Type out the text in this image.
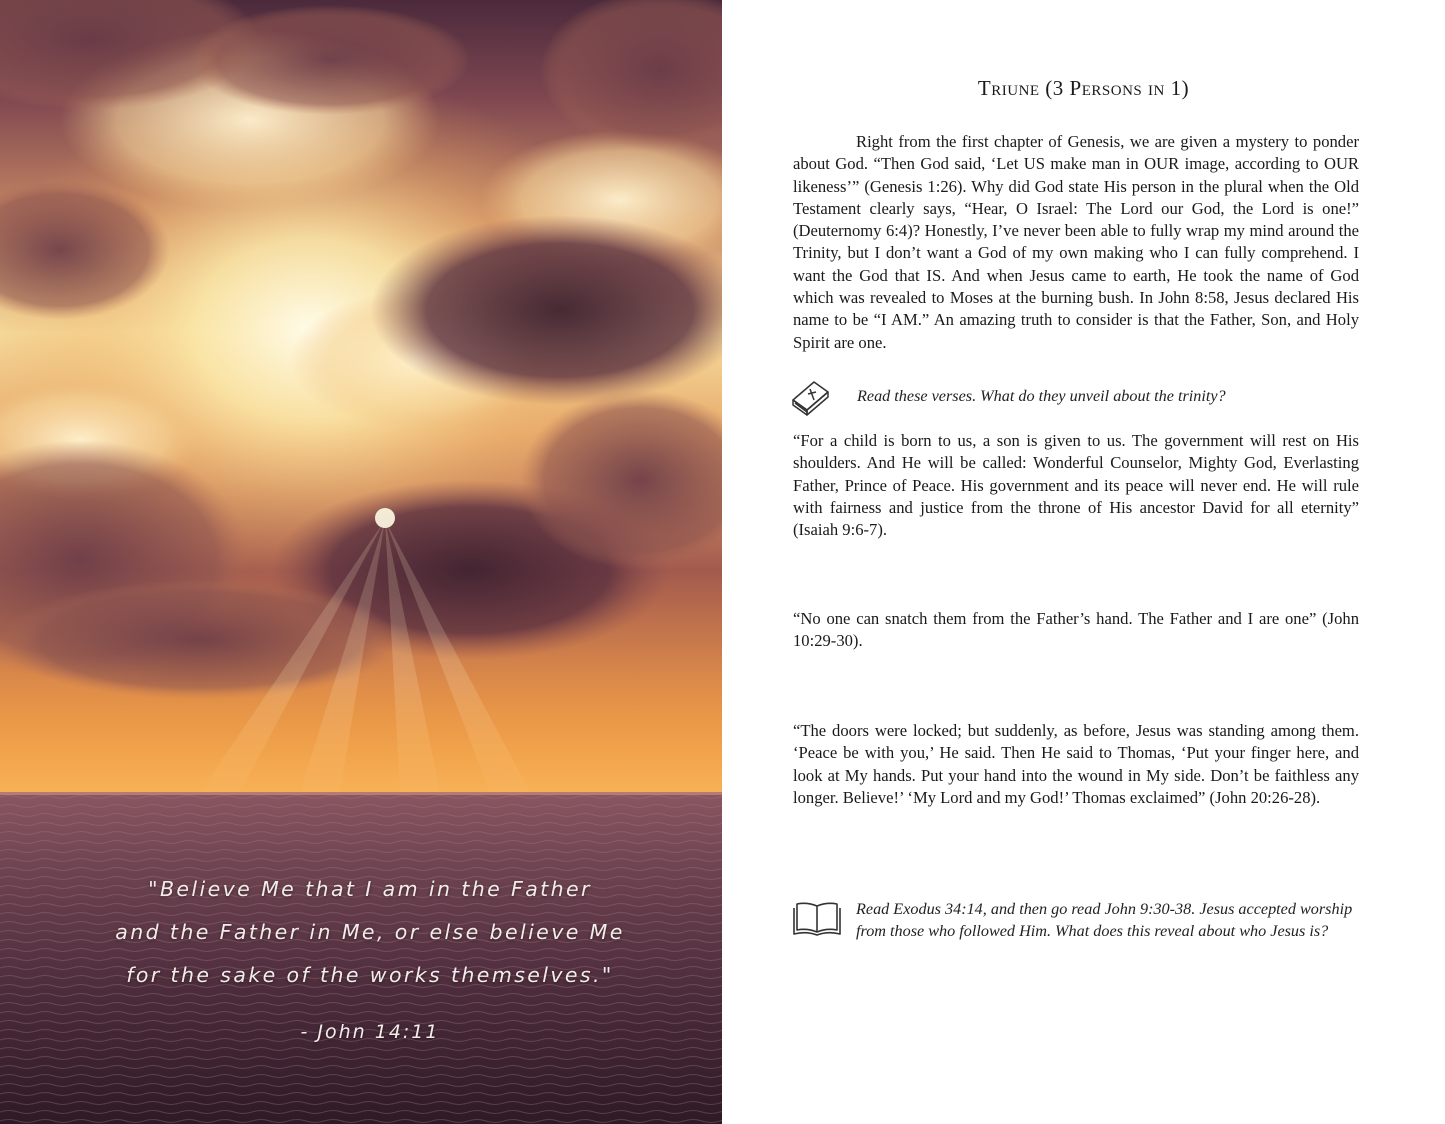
"Believe Me that I am in the Father
and the Father in Me, or else believe Me
for the sake of the works themselves."
- John 14:11
Triune (3 Persons in 1)

Right from the first chapter of Genesis, we are given a mystery to ponder about God. “Then God said, ‘Let US make man in OUR image, according to OUR likeness’” (Genesis 1:26). Why did God state His person in the plural when the Old Testament clearly says, “Hear, O Israel: The Lord our God, the Lord is one!” (Deuternomy 6:4)? Honestly, I’ve never been able to fully wrap my mind around the Trinity, but I don’t want a God of my own making who I can fully comprehend. I want the God that IS. And when Jesus came to earth, He took the name of God which was revealed to Moses at the burning bush. In John 8:58, Jesus declared His name to be “I AM.” An amazing truth to consider is that the Father, Son, and Holy Spirit are one.

Read these verses. What do they unveil about the trinity?

“For a child is born to us, a son is given to us. The government will rest on His shoulders. And He will be called: Wonderful Counselor, Mighty God, Everlasting Father, Prince of Peace. His government and its peace will never end. He will rule with fairness and justice from the throne of His ancestor David for all eternity” (Isaiah 9:6-7).

“No one can snatch them from the Father’s hand. The Father and I are one” (John 10:29-30).

“The doors were locked; but suddenly, as before, Jesus was standing among them. ‘Peace be with you,’ He said. Then He said to Thomas, ‘Put your finger here, and look at My hands. Put your hand into the wound in My side. Don’t be faithless any longer. Believe!’ ‘My Lord and my God!’ Thomas exclaimed” (John 20:26-28).

Read Exodus 34:14, and then go read John 9:30-38. Jesus accepted worship from those who followed Him. What does this reveal about who Jesus is?
